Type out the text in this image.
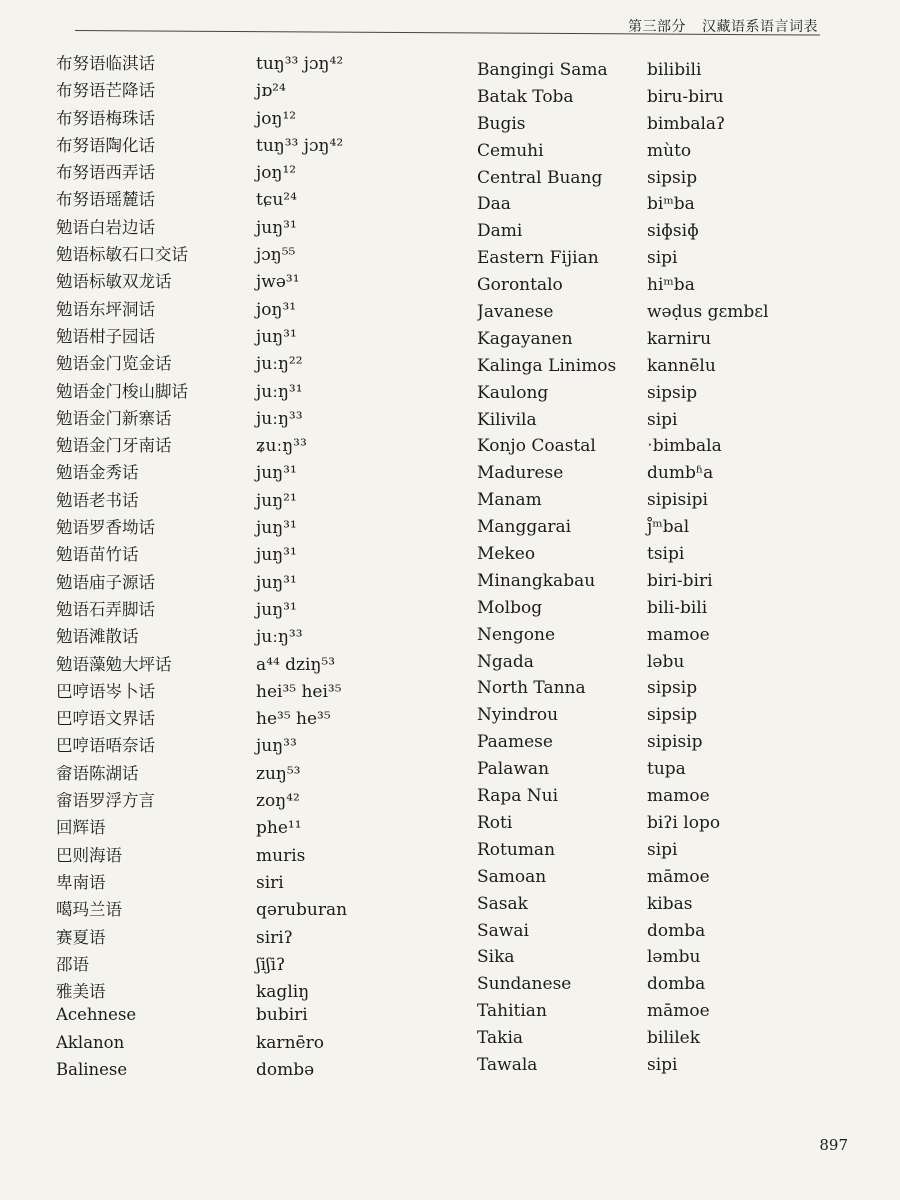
第三部分 汉藏语系语言词表
布努语临淇话	tuŋ³³ jɔŋ⁴²
布努语芒降话	jɒ²⁴
布努语梅珠话	joŋ¹²
布努语陶化话	tuŋ³³ jɔŋ⁴²
布努语西弄话	joŋ¹²
布努语瑶麓话	tɕu²⁴
勉语白岩边话	juŋ³¹
勉语标敏石口交话	jɔŋ⁵⁵
勉语标敏双龙话	jwə³¹
勉语东坪洞话	joŋ³¹
勉语柑子园话	juŋ³¹
勉语金门览金话	juːŋ²²
勉语金门梭山脚话	juːŋ³¹
勉语金门新寨话	juːŋ³³
勉语金门牙南话	ʑuːŋ³³
勉语金秀话	juŋ³¹
勉语老书话	juŋ²¹
勉语罗香坳话	juŋ³¹
勉语苗竹话	juŋ³¹
勉语庙子源话	juŋ³¹
勉语石弄脚话	juŋ³¹
勉语滩散话	juːŋ³³
勉语藻勉大坪话	a⁴⁴ dziŋ⁵³
巴哼语岑卜话	hei³⁵ hei³⁵
巴哼语文界话	he³⁵ he³⁵
巴哼语唔奈话	juŋ³³
畲语陈湖话	zuŋ⁵³
畲语罗浮方言	zoŋ⁴²
回辉语	phe¹¹
巴则海语	muris
卑南语	siri
噶玛兰语	qəruburan
赛夏语	siriʔ
邵语	ʃiʃiʔ
雅美语	kagliŋ
Acehnese	bubiri
Aklanon	karnēro
Balinese	dombə
Bangingi Sama	bilibili
Batak Toba	biru-biru
Bugis	bimbalaʔ
Cemuhi	mùto
Central Buang	sipsip
Daa	biᵐba
Dami	siɸsiɸ
Eastern Fijian	sipi
Gorontalo	hiᵐba
Javanese	wəḍus gɛmbɛl
Kagayanen	karniru
Kalinga Linimos	kannēlu
Kaulong	sipsip
Kilivila	sipi
Konjo Coastal	ˑbimbala
Madurese	dumbʱa
Manam	sipisipi
Manggarai	ȷ̊ᵐbal
Mekeo	tsipi
Minangkabau	biri-biri
Molbog	bili-bili
Nengone	mamoe
Ngada	ləbu
North Tanna	sipsip
Nyindrou	sipsip
Paamese	sipisip
Palawan	tupa
Rapa Nui	mamoe
Roti	biʔi lopo
Rotuman	sipi
Samoan	māmoe
Sasak	kibas
Sawai	domba
Sika	ləmbu
Sundanese	domba
Tahitian	māmoe
Takia	bililek
Tawala	sipi
897
